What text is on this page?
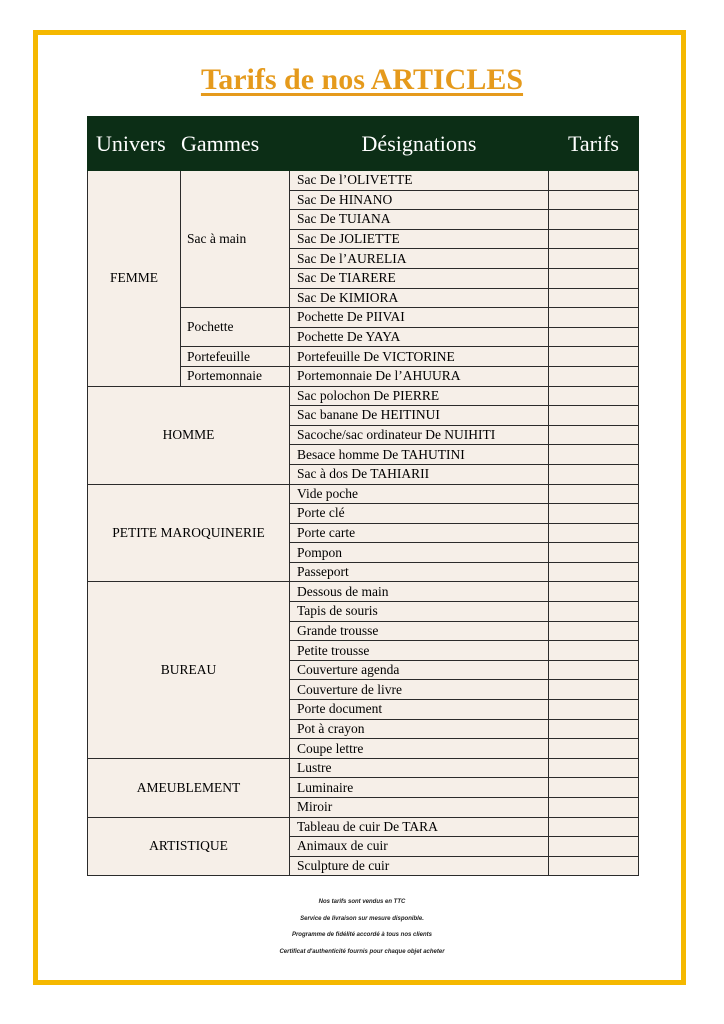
Tarifs de nos ARTICLES
Univers	Gammes	Désignations	Tarifs
FEMME	Sac à main	Sac De l’OLIVETTE	
		Sac De HINANO	
		Sac De TUIANA	
		Sac De JOLIETTE	
		Sac De l’AURELIA	
		Sac De TIARERE	
		Sac De KIMIORA	
	Pochette	Pochette De PIIVAI	
		Pochette De YAYA	
	Portefeuille	Portefeuille De VICTORINE	
	Portemonnaie	Portemonnaie De l’AHUURA	
HOMME		Sac polochon De PIERRE	
		Sac banane De HEITINUI	
		Sacoche/sac ordinateur De NUIHITI	
		Besace homme De TAHUTINI	
		Sac à dos De TAHIARII	
PETITE MAROQUINERIE		Vide poche	
		Porte clé	
		Porte carte	
		Pompon	
		Passeport	
BUREAU		Dessous de main	
		Tapis de souris	
		Grande trousse	
		Petite trousse	
		Couverture agenda	
		Couverture de livre	
		Porte document	
		Pot à crayon	
		Coupe lettre	
AMEUBLEMENT		Lustre	
		Luminaire	
		Miroir	
ARTISTIQUE		Tableau de cuir De TARA	
		Animaux de cuir	
		Sculpture de cuir	
Nos tarifs sont vendus en TTC
Service de livraison sur mesure disponible.
Programme de fidélité accordé à tous nos clients
Certificat d'authenticité fournis pour chaque objet acheter
